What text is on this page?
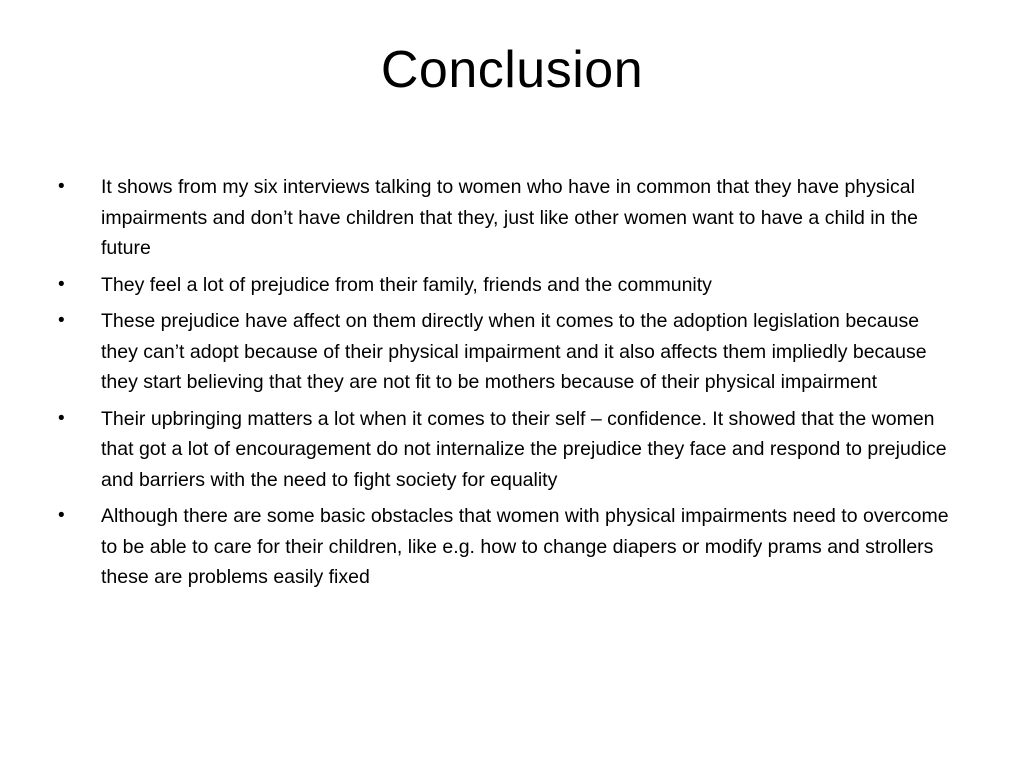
Conclusion
•	It shows from my six interviews talking to women who have in common that they have physical impairments and don’t have children that they, just like other women want to have a child in the future
•	They feel a lot of prejudice from their family, friends and the community
•	These prejudice have affect on them directly when it comes to the adoption legislation because they can’t adopt because of their physical impairment and it also affects them impliedly because they start believing that they are not fit to be mothers because of their physical impairment
•	Their upbringing matters a lot when it comes to their self – confidence. It showed that the women that got a lot of encouragement do not internalize the prejudice they face and respond to prejudice and barriers with the need to fight society for equality
•	Although there are some basic obstacles that women with physical impairments need to overcome to be able to care for their children, like e.g. how to change diapers or modify prams and strollers these are problems easily fixed
